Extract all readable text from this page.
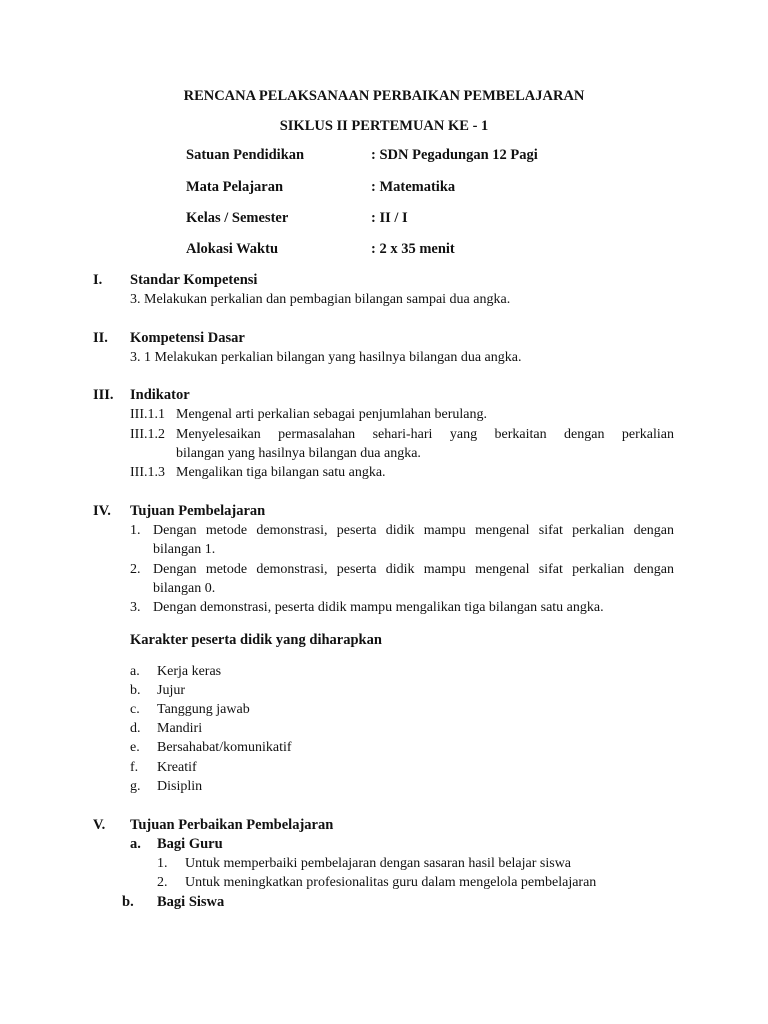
RENCANA PELAKSANAAN PERBAIKAN PEMBELAJARAN
SIKLUS II PERTEMUAN KE - 1
Satuan Pendidikan	: SDN Pegadungan 12 Pagi
Mata Pelajaran	: Matematika
Kelas / Semester	: II / I
Alokasi Waktu	: 2 x 35 menit
I. Standar Kompetensi
3. Melakukan perkalian dan pembagian bilangan sampai dua angka.
II. Kompetensi Dasar
3. 1 Melakukan perkalian bilangan yang hasilnya bilangan dua angka.
III. Indikator
III.1.1 Mengenal arti perkalian sebagai penjumlahan berulang.
III.1.2 Menyelesaikan permasalahan sehari-hari yang berkaitan dengan perkalian
bilangan yang hasilnya bilangan dua angka.
III.1.3 Mengalikan tiga bilangan satu angka.
IV. Tujuan Pembelajaran
1. Dengan metode demonstrasi, peserta didik mampu mengenal sifat perkalian dengan
bilangan 1.
2. Dengan metode demonstrasi, peserta didik mampu mengenal sifat perkalian dengan
bilangan 0.
3. Dengan demonstrasi, peserta didik mampu mengalikan tiga bilangan satu angka.
Karakter peserta didik yang diharapkan
a. Kerja keras
b. Jujur
c. Tanggung jawab
d. Mandiri
e. Bersahabat/komunikatif
f. Kreatif
g. Disiplin
V. Tujuan Perbaikan Pembelajaran
a. Bagi Guru
1. Untuk memperbaiki pembelajaran dengan sasaran hasil belajar siswa
2. Untuk meningkatkan profesionalitas guru dalam mengelola pembelajaran
b. Bagi Siswa
